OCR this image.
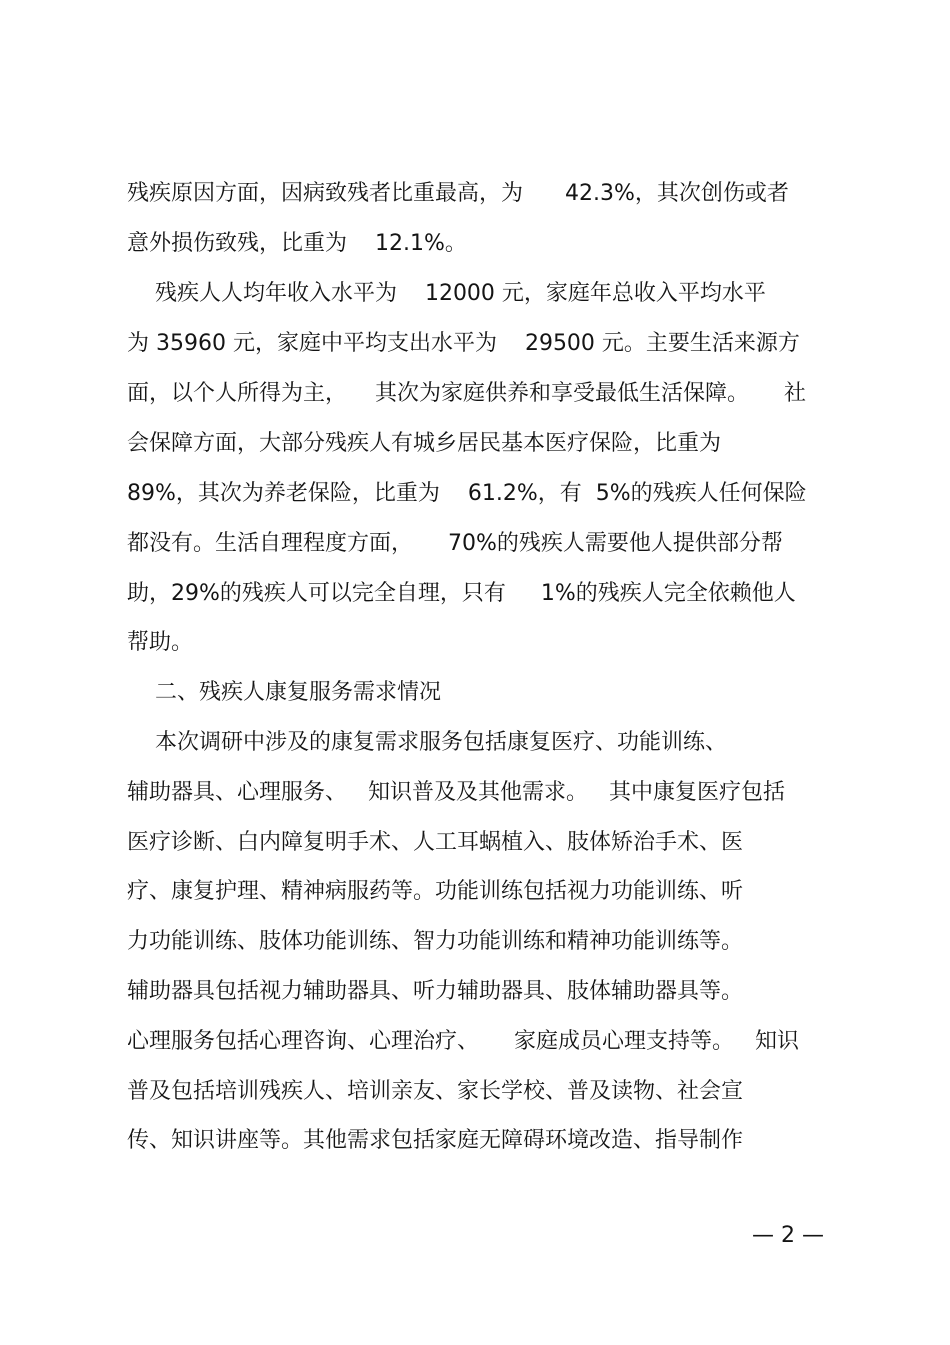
残疾原因方面，因病致残者比重最高，为      42.3%，其次创伤或者

意外损伤致残，比重为    12.1%。

残疾人人均年收入水平为    12000 元，家庭年总收入平均水平

为 35960 元，家庭中平均支出水平为    29500 元。主要生活来源方

面，以个人所得为主，    其次为家庭供养和享受最低生活保障。     社

会保障方面，大部分残疾人有城乡居民基本医疗保险，比重为

89%，其次为养老保险，比重为    61.2%，有  5%的残疾人任何保险

都没有。生活自理程度方面，     70%的残疾人需要他人提供部分帮

助，29%的残疾人可以完全自理，只有     1%的残疾人完全依赖他人

帮助。

二、残疾人康复服务需求情况

本次调研中涉及的康复需求服务包括康复医疗、功能训练、

辅助器具、心理服务、   知识普及及其他需求。   其中康复医疗包括

医疗诊断、白内障复明手术、人工耳蜗植入、肢体矫治手术、医

疗、康复护理、精神病服药等。功能训练包括视力功能训练、听

力功能训练、肢体功能训练、智力功能训练和精神功能训练等。

辅助器具包括视力辅助器具、听力辅助器具、肢体辅助器具等。

心理服务包括心理咨询、心理治疗、     家庭成员心理支持等。   知识

普及包括培训残疾人、培训亲友、家长学校、普及读物、社会宣

传、知识讲座等。其他需求包括家庭无障碍环境改造、指导制作

— 2 —
